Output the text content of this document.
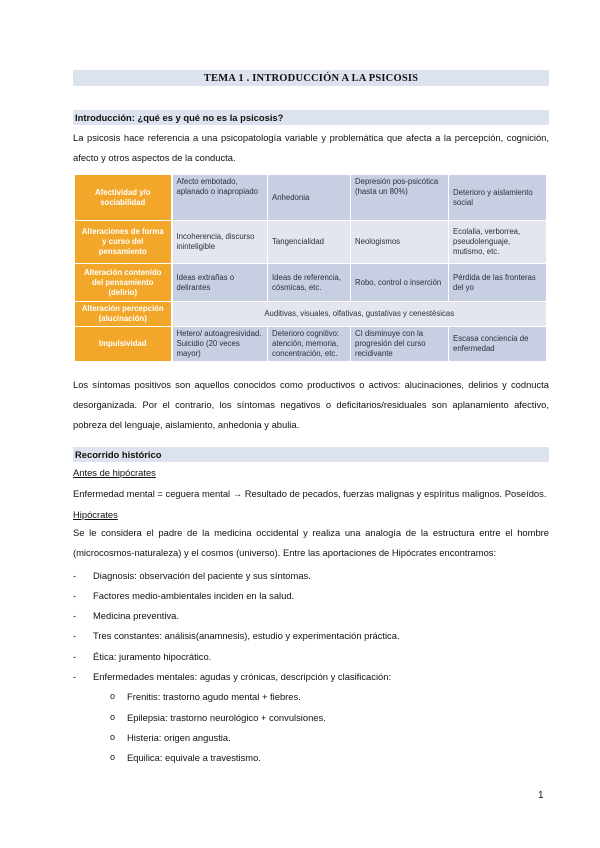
TEMA 1 . INTRODUCCIÓN A LA PSICOSIS
Introducción: ¿qué es y qué no es la psicosis?

La psicosis hace referencia a una psicopatología variable y problemática que afecta a la percepción, cognición, afecto y otros aspectos de la conducta.

Afectividad y/o sociabilidad	Afecto embotado, aplanado o inapropiado	Anhedonia	Depresión pos-psicótica (hasta un 80%)	Deterioro y aislamiento social
Alteraciones de forma y curso del pensamiento	Incoherencia, discurso ininteligible	Tangencialidad	Neologismos	Ecolalia, verborrea, pseudolenguaje, mutismo, etc.
Alteración contenido del pensamiento (delirio)	Ideas extrañas o delirantes	Ideas de referencia, cósmicas, etc.	Robo, control o inserción	Pérdida de las fronteras del yo
Alteración percepción (alucinación)	Auditivas, visuales, olfativas, gustativas y cenestésicas			
Impulsividad	Hetero/ autoagresividad. Suicidio (20 veces mayor)	Deterioro cognitivo: atención, memoria, concentración, etc.	CI disminuye con la progresión del curso recidivante	Escasa conciencia de enfermedad

Los síntomas positivos son aquellos conocidos como productivos o activos: alucinaciones, delirios y codnucta desorganizada. Por el contrario, los síntomas negativos o deficitarios/residuales son aplanamiento afectivo, pobreza del lenguaje, aislamiento, anhedonia y abulia.

Recorrido histórico
Antes de hipócrates
Enfermedad mental = ceguera mental → Resultado de pecados, fuerzas malignas y espíritus malignos. Poseídos.
Hipócrates

Se le considera el padre de la medicina occidental y realiza una analogía de la estructura entre el hombre (microcosmos-naturaleza) y el cosmos (universo). Entre las aportaciones de Hipócrates encontramos:

-	Diagnosis: observación del paciente y sus síntomas.
-	Factores medio-ambientales inciden en la salud.
-	Medicina preventiva.
-	Tres constantes: análisis(anamnesis), estudio y experimentación práctica.
-	Ética: juramento hipocrático.
-	Enfermedades mentales: agudas y crónicas, descripción y clasificación:
o Frenitis: trastorno agudo mental + fiebres.
o Epilepsia: trastorno neurológico + convulsiones.
o Histeria: origen angustia.
o Equilica: equivale a travestismo.
1
